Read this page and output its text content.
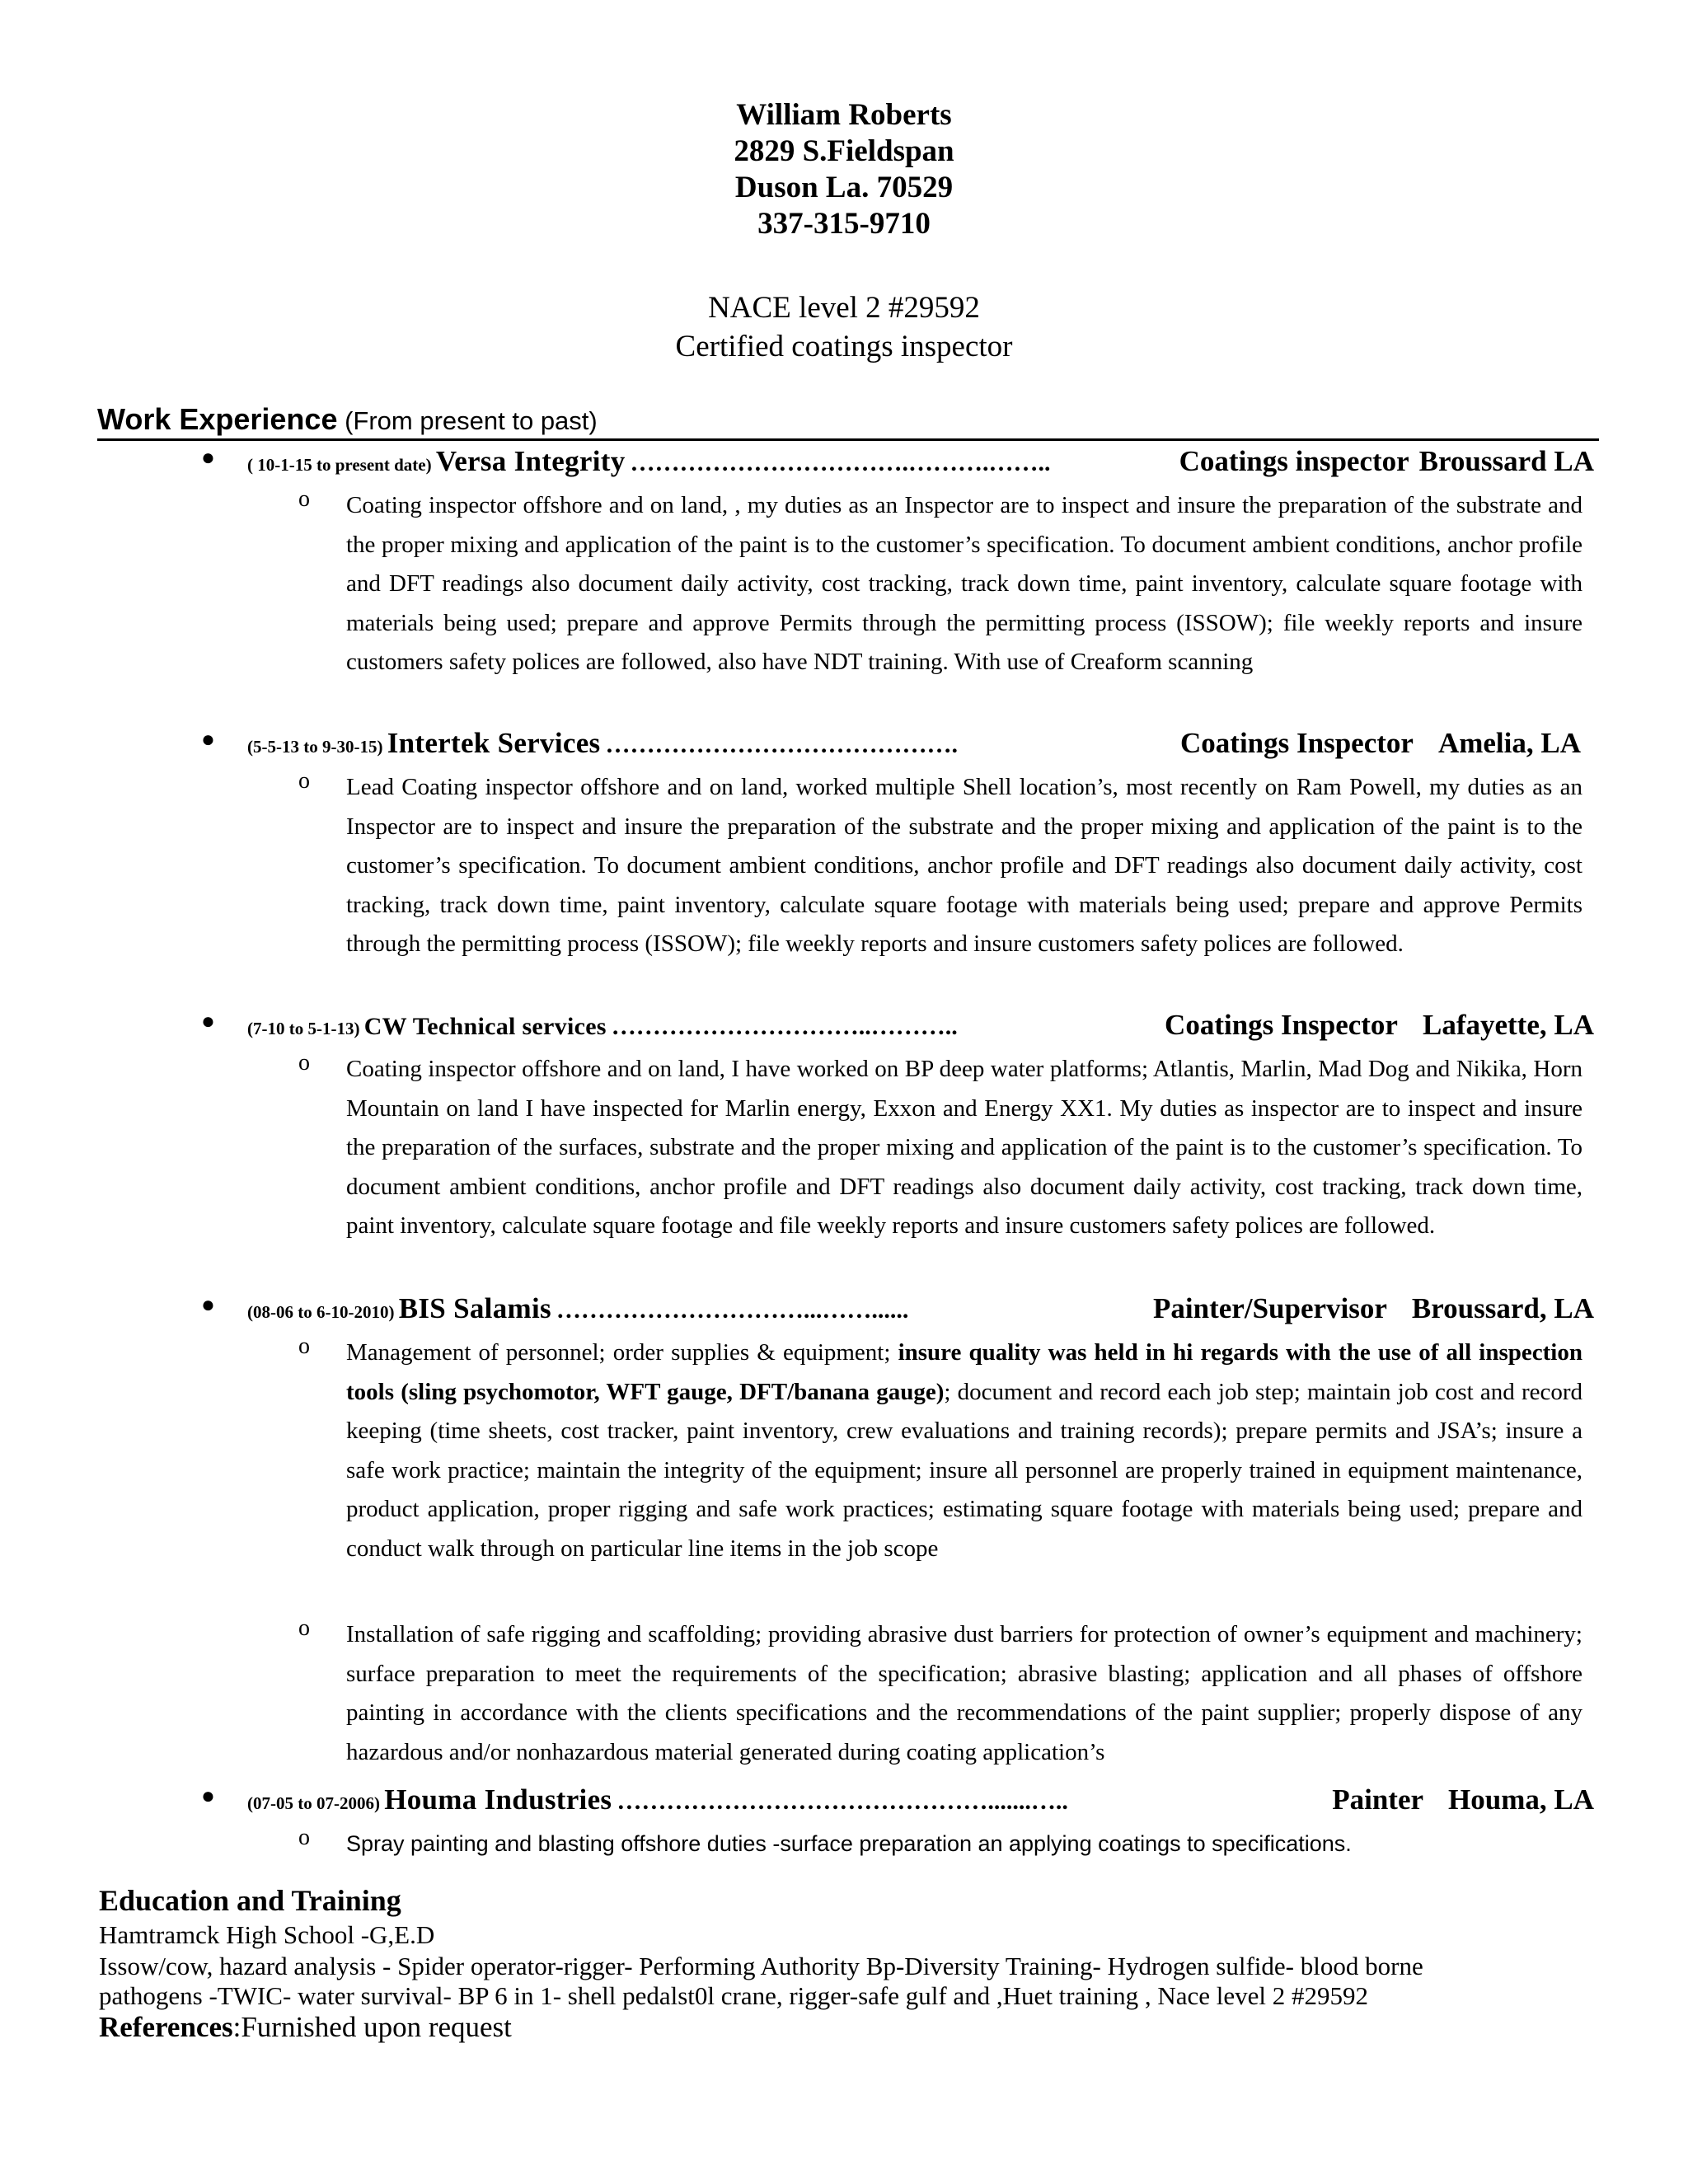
William Roberts
2829 S.Fieldspan
Duson La. 70529
337-315-9710
NACE level 2 #29592
Certified coatings inspector
Work Experience (From present to past)
● ( 10-1-15 to present date) Versa Integrity …………………………….……….……..	Coatings inspector Broussard LA
o Coating inspector offshore and on land, , my duties as an Inspector are to inspect and insure the preparation of the substrate and the proper mixing and application of the paint is to the customer’s specification. To document ambient conditions, anchor profile and DFT readings also document daily activity, cost tracking, track down time, paint inventory, calculate square footage with materials being used; prepare and approve Permits through the permitting process (ISSOW); file weekly reports and insure customers safety polices are followed, also have NDT training. With use of Creaform scanning
● (5-5-13 to 9-30-15) Intertek Services …………………………………….	Coatings Inspector Amelia, LA
o Lead Coating inspector offshore and on land, worked multiple Shell location’s, most recently on Ram Powell, my duties as an Inspector are to inspect and insure the preparation of the substrate and the proper mixing and application of the paint is to the customer’s specification. To document ambient conditions, anchor profile and DFT readings also document daily activity, cost tracking, track down time, paint inventory, calculate square footage with materials being used; prepare and approve Permits through the permitting process (ISSOW); file weekly reports and insure customers safety polices are followed.
● (7-10 to 5-1-13) CW Technical services …………………………..………..	Coatings Inspector Lafayette, LA
o Coating inspector offshore and on land, I have worked on BP deep water platforms; Atlantis, Marlin, Mad Dog and Nikika, Horn Mountain on land I have inspected for Marlin energy, Exxon and Energy XX1. My duties as inspector are to inspect and insure the preparation of the surfaces, substrate and the proper mixing and application of the paint is to the customer’s specification. To document ambient conditions, anchor profile and DFT readings also document daily activity, cost tracking, track down time, paint inventory, calculate square footage and file weekly reports and insure customers safety polices are followed.
● (08-06 to 6-10-2010) BIS Salamis …………………………...……......	Painter/Supervisor Broussard, LA
o Management of personnel; order supplies & equipment; insure quality was held in hi regards with the use of all inspection tools (sling psychomotor, WFT gauge, DFT/banana gauge); document and record each job step; maintain job cost and record keeping (time sheets, cost tracker, paint inventory, crew evaluations and training records); prepare permits and JSA’s; insure a safe work practice; maintain the integrity of the equipment; insure all personnel are properly trained in equipment maintenance, product application, proper rigging and safe work practices; estimating square footage with materials being used; prepare and conduct walk through on particular line items in the job scope
o Installation of safe rigging and scaffolding; providing abrasive dust barriers for protection of owner’s equipment and machinery; surface preparation to meet the requirements of the specification; abrasive blasting; application and all phases of offshore painting in accordance with the clients specifications and the recommendations of the paint supplier; properly dispose of any hazardous and/or nonhazardous material generated during coating application’s
● (07-05 to 07-2006) Houma Industries ……………………………………….......…..	Painter Houma, LA
o Spray painting and blasting offshore duties -surface preparation an applying coatings to specifications.
Education and Training
Hamtramck High School -G,E.D
Issow/cow, hazard analysis - Spider operator-rigger- Performing Authority Bp-Diversity Training- Hydrogen sulfide- blood borne
pathogens -TWIC- water survival- BP 6 in 1- shell pedalst0l crane, rigger-safe gulf and ,Huet training , Nace level 2 #29592
References:Furnished upon request
